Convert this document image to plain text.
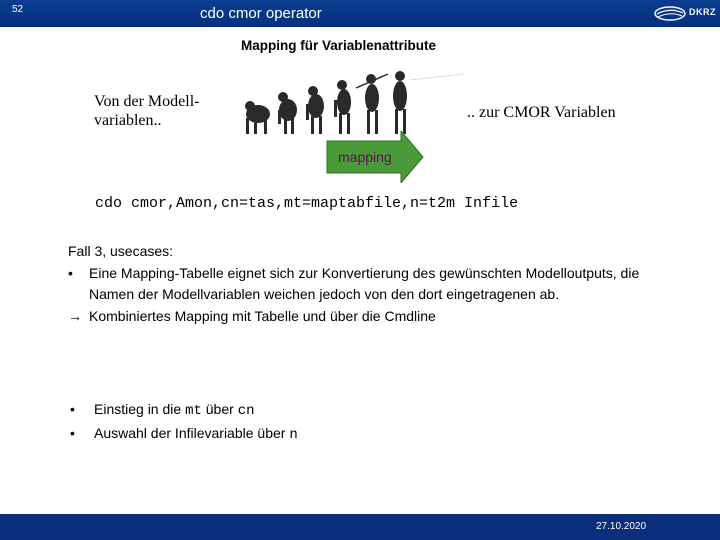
52	cdo cmor operator	DKRZ
Mapping für Variablenattribute
Von der Modell-variablen..	.. zur CMOR Variablen
mapping
cdo cmor,Amon,cn=tas,mt=maptabfile,n=t2m Infile
Fall 3, usecases:
•	Eine Mapping-Tabelle eignet sich zur Konvertierung des gewünschten Modelloutputs, die Namen der Modellvariablen weichen jedoch von den dort eingetragenen ab.
→ Kombiniertes Mapping mit Tabelle und über die Cmdline
•	Einstieg in die mt über cn
•	Auswahl der Infilevariable über n
27.10.2020
